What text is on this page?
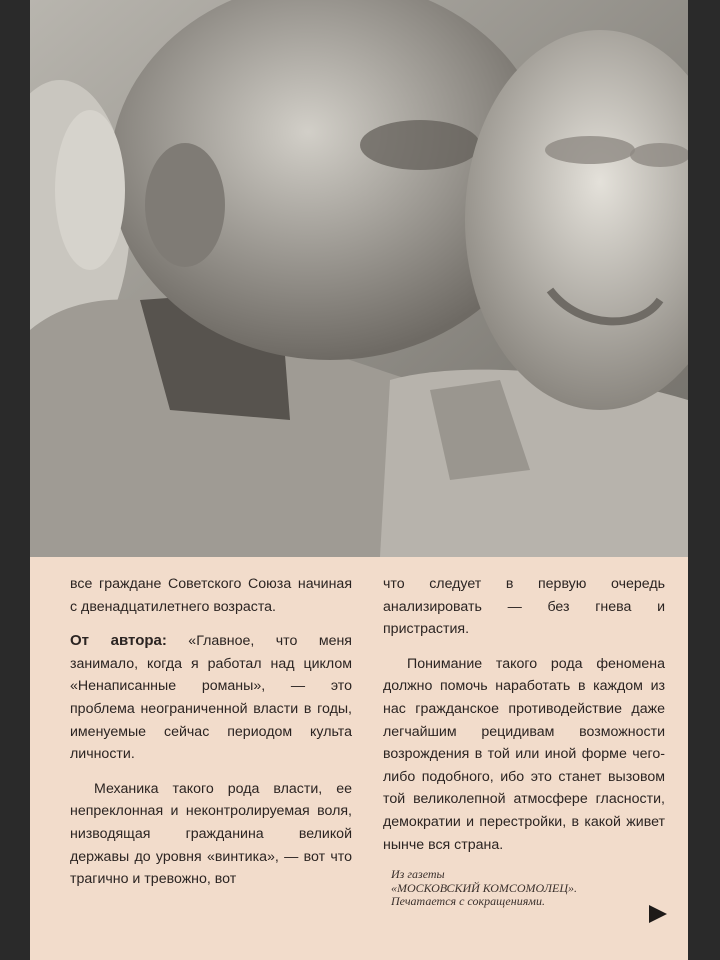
все граждане Советского Союза начиная с двенадцатилетнего возраста.

От автора: «Главное, что меня занимало, когда я работал над циклом «Ненаписанные романы», — это проблема неограниченной власти в годы, именуемые сейчас периодом культа личности.

Механика такого рода власти, ее непреклонная и неконтролируемая воля, низводящая гражданина великой державы до уровня «винтика», — вот что трагично и тревожно, вот

что следует в первую очередь анализировать — без гнева и пристрастия.

Понимание такого рода феномена должно помочь наработать в каждом из нас гражданское противодействие даже легчайшим рецидивам возможности возрождения в той или иной форме чего-либо подобного, ибо это станет вызовом той великолепной атмосфере гласности, демократии и перестройки, в какой живет нынче вся страна.

Из газеты
«МОСКОВСКИЙ КОМСОМОЛЕЦ».
Печатается с сокращениями.
